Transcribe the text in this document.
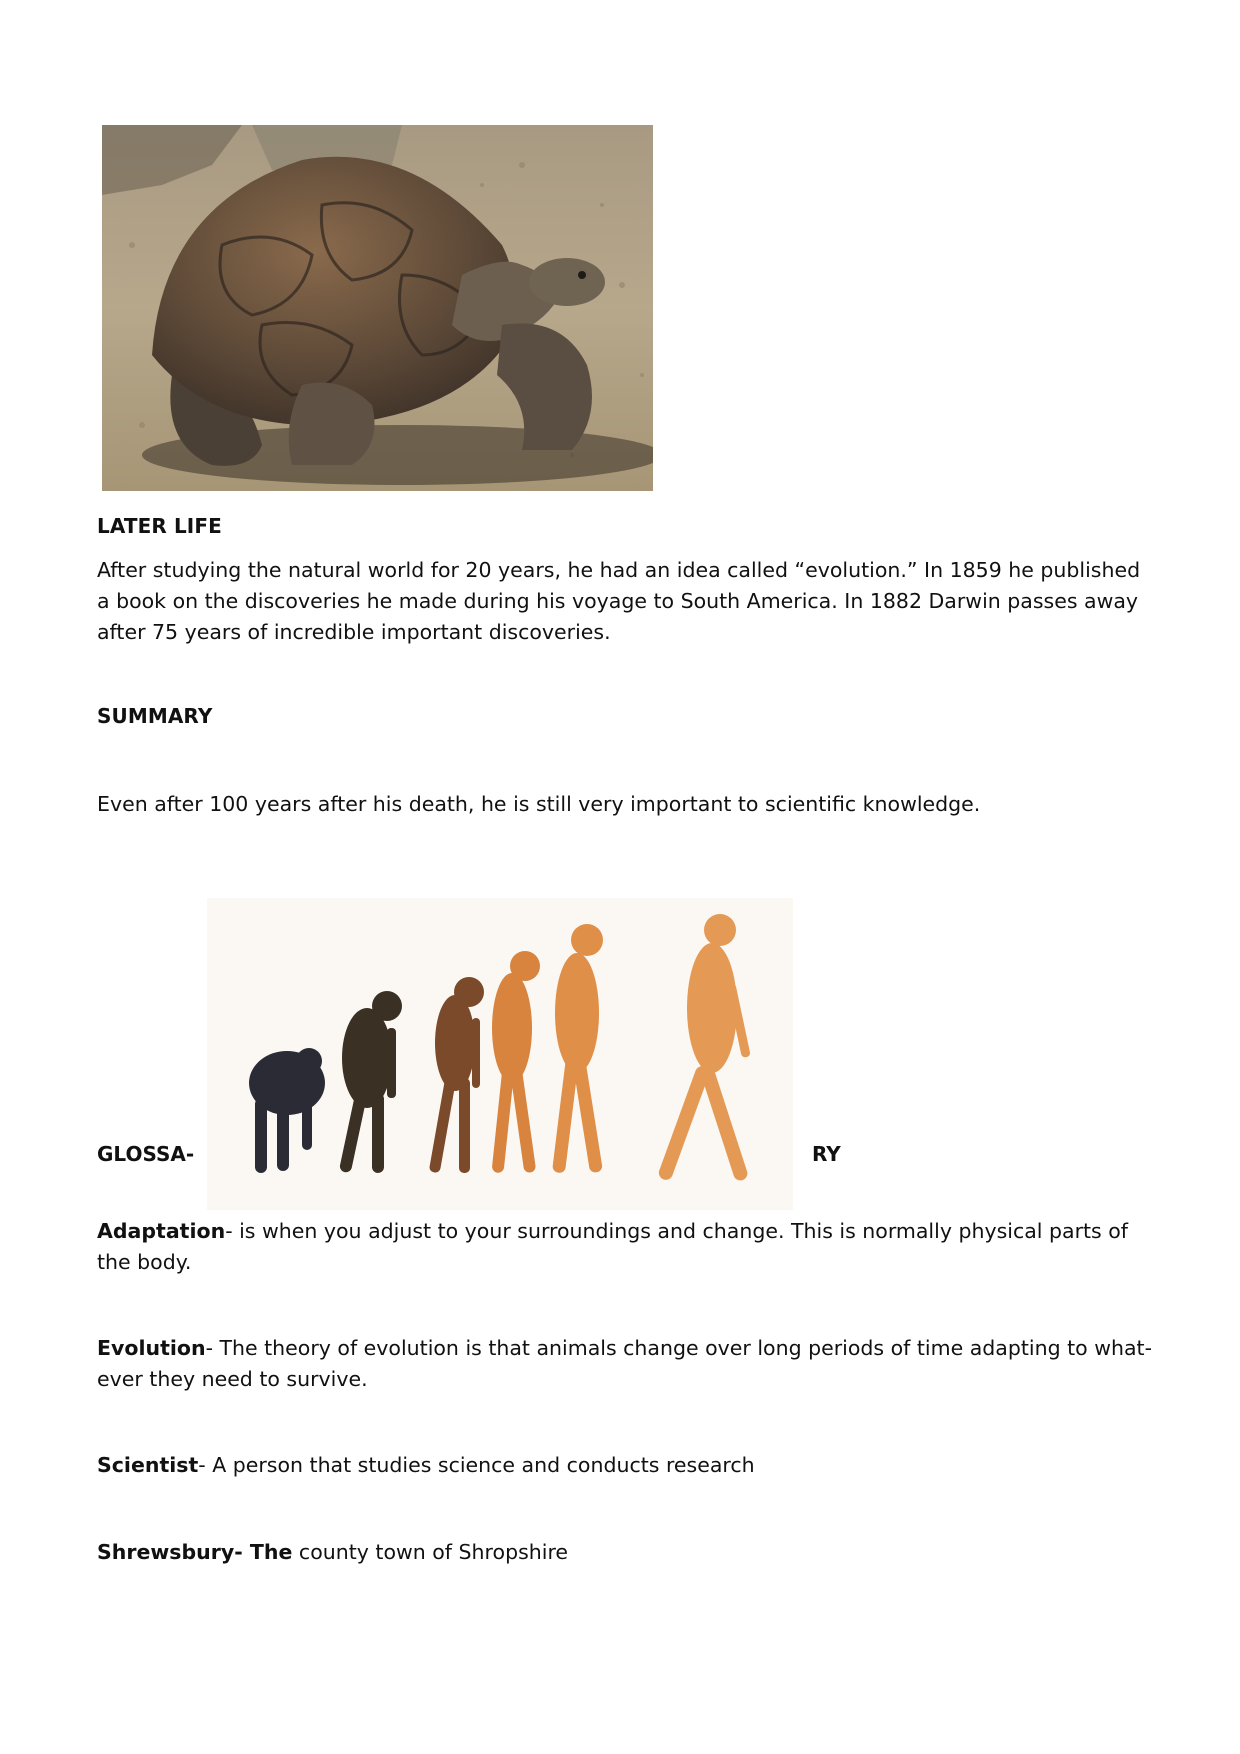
LATER LIFE
After studying the natural world for 20 years, he had an idea called “evolution.” In 1859 he published a book on the discoveries he made during his voyage to South America. In 1882 Darwin passes away after 75 years of incredible important discoveries.
SUMMARY
Even after 100 years after his death, he is still very important to scientific knowledge.
GLOSSA-	RY
Adaptation- is when you adjust to your surroundings and change. This is normally physical parts of the body.
Evolution- The theory of evolution is that animals change over long periods of time adapting to what-ever they need to survive.
Scientist- A person that studies science and conducts research
Shrewsbury- The county town of Shropshire
